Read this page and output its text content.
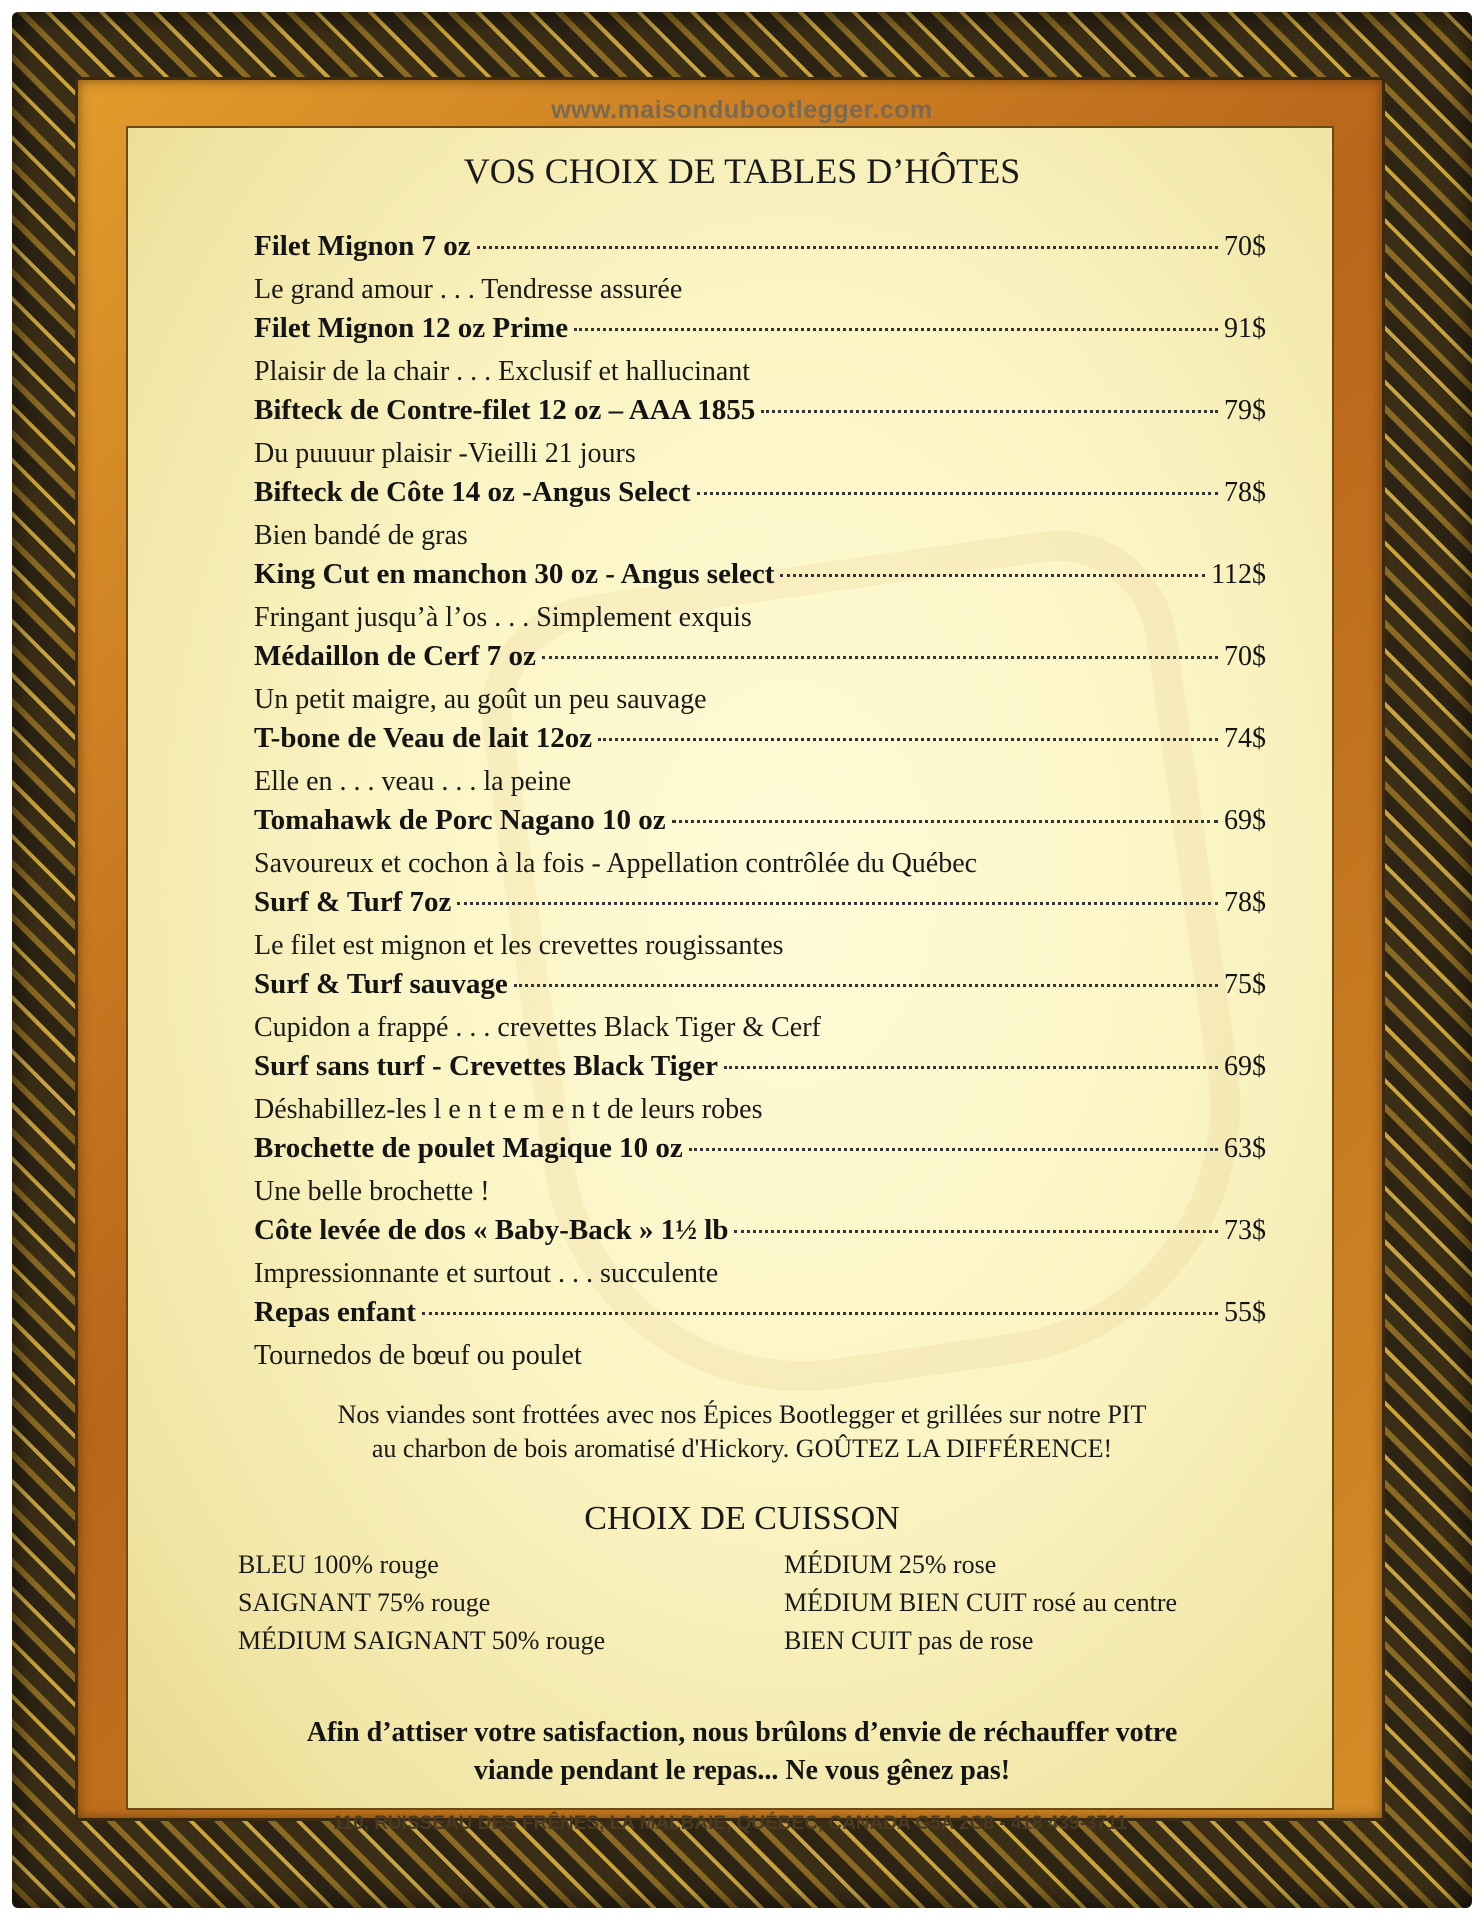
www.maisondubootlegger.com
VOS CHOIX DE TABLES D’HÔTES
Filet Mignon 7 oz	70$
Le grand amour . . . Tendresse assurée
Filet Mignon 12 oz Prime	91$
Plaisir de la chair . . . Exclusif et hallucinant
Bifteck de Contre-filet 12 oz – AAA 1855	79$
Du puuuur plaisir -Vieilli 21 jours
Bifteck de Côte 14 oz -Angus Select	78$
Bien bandé de gras
King Cut en manchon 30 oz - Angus select	112$
Fringant jusqu’à l’os . . . Simplement exquis
Médaillon de Cerf 7 oz	70$
Un petit maigre, au goût un peu sauvage
T-bone de Veau de lait 12oz	74$
Elle en . . . veau . . . la peine
Tomahawk de Porc Nagano 10 oz	69$
Savoureux et cochon à la fois - Appellation contrôlée du Québec
Surf & Turf 7oz	78$
Le filet est mignon et les crevettes rougissantes
Surf & Turf sauvage	75$
Cupidon a frappé . . . crevettes Black Tiger & Cerf
Surf sans turf - Crevettes Black Tiger	69$
Déshabillez-les l e n t e m e n t de leurs robes
Brochette de poulet Magique 10 oz	63$
Une belle brochette !
Côte levée de dos « Baby-Back » 1½ lb	73$
Impressionnante et surtout . . . succulente
Repas enfant	55$
Tournedos de bœuf ou poulet
Nos viandes sont frottées avec nos Épices Bootlegger et grillées sur notre PIT
au charbon de bois aromatisé d'Hickory. GOÛTEZ LA DIFFÉRENCE!
CHOIX DE CUISSON
BLEU 100% rouge
SAIGNANT 75% rouge
MÉDIUM SAIGNANT 50% rouge
MÉDIUM 25% rose
MÉDIUM BIEN CUIT rosé au centre
BIEN CUIT pas de rose
Afin d’attiser votre satisfaction, nous brûlons d’envie de réchauffer votre
viande pendant le repas... Ne vous gênez pas!
110, RUISSEAU DES FRÊNES, LA MALBAIE, QUÉBEC, CANADA G5A 2C8 - 418 439-3711
